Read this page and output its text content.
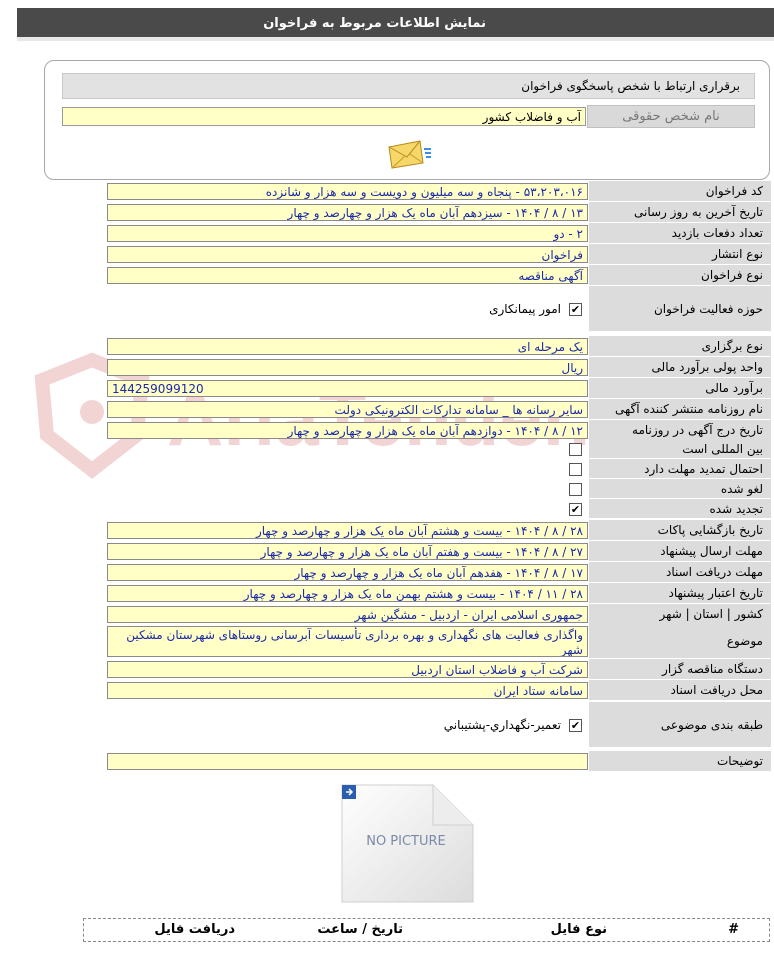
نمایش اطلاعات مربوط به فراخوان
برقراری ارتباط با شخص پاسخگوی فراخوان
نام شخص حقوقی
آب و فاضلاب کشور
AriaTender.
کد فراخوان
۵۳،۲۰۳،۰۱۶ - پنجاه و سه میلیون و دویست و سه هزار و شانزده
تاریخ آخرین به روز رسانی
۱۳ / ۸ / ۱۴۰۴ - سیزدهم آبان ماه یک هزار و چهارصد و چهار
تعداد دفعات بازدید
۲ - دو
نوع انتشار
فراخوان
نوع فراخوان
آگهی مناقصه
حوزه فعالیت فراخوان
✔
امور پیمانکاری
نوع برگزاری
یک مرحله ای
واحد پولی برآورد مالی
ریال
برآورد مالی
144259099120
نام روزنامه منتشر کننده آگهی
سایر رسانه ها _ سامانه تدارکات الکترونیکی دولت
تاریخ درج آگهی در روزنامه
۱۲ / ۸ / ۱۴۰۴ - دوازدهم آبان ماه یک هزار و چهارصد و چهار
بین المللی است
احتمال تمدید مهلت دارد
لغو شده
تجدید شده
✔
تاریخ بازگشایی پاکات
۲۸ / ۸ / ۱۴۰۴ - بیست و هشتم آبان ماه یک هزار و چهارصد و چهار
مهلت ارسال پیشنهاد
۲۷ / ۸ / ۱۴۰۴ - بیست و هفتم آبان ماه یک هزار و چهارصد و چهار
مهلت دریافت اسناد
۱۷ / ۸ / ۱۴۰۴ - هفدهم آبان ماه یک هزار و چهارصد و چهار
تاریخ اعتبار پیشنهاد
۲۸ / ۱۱ / ۱۴۰۴ - بیست و هشتم بهمن ماه یک هزار و چهارصد و چهار
کشور | استان | شهر
جمهوری اسلامی ایران - اردبیل - مشگین شهر
موضوع
واگذاری فعالیت های نگهداری و بهره برداری تأسیسات آبرسانی روستاهای شهرستان مشکین شهر
دستگاه مناقصه گزار
شرکت آب و فاضلاب استان اردبیل
محل دریافت اسناد
سامانه ستاد ایران
طبقه بندی موضوعی
✔
تعمير-نگهداري-پشتيباني
توضیحات
NO PICTURE
#
نوع فایل
تاریخ / ساعت
دریافت فایل
